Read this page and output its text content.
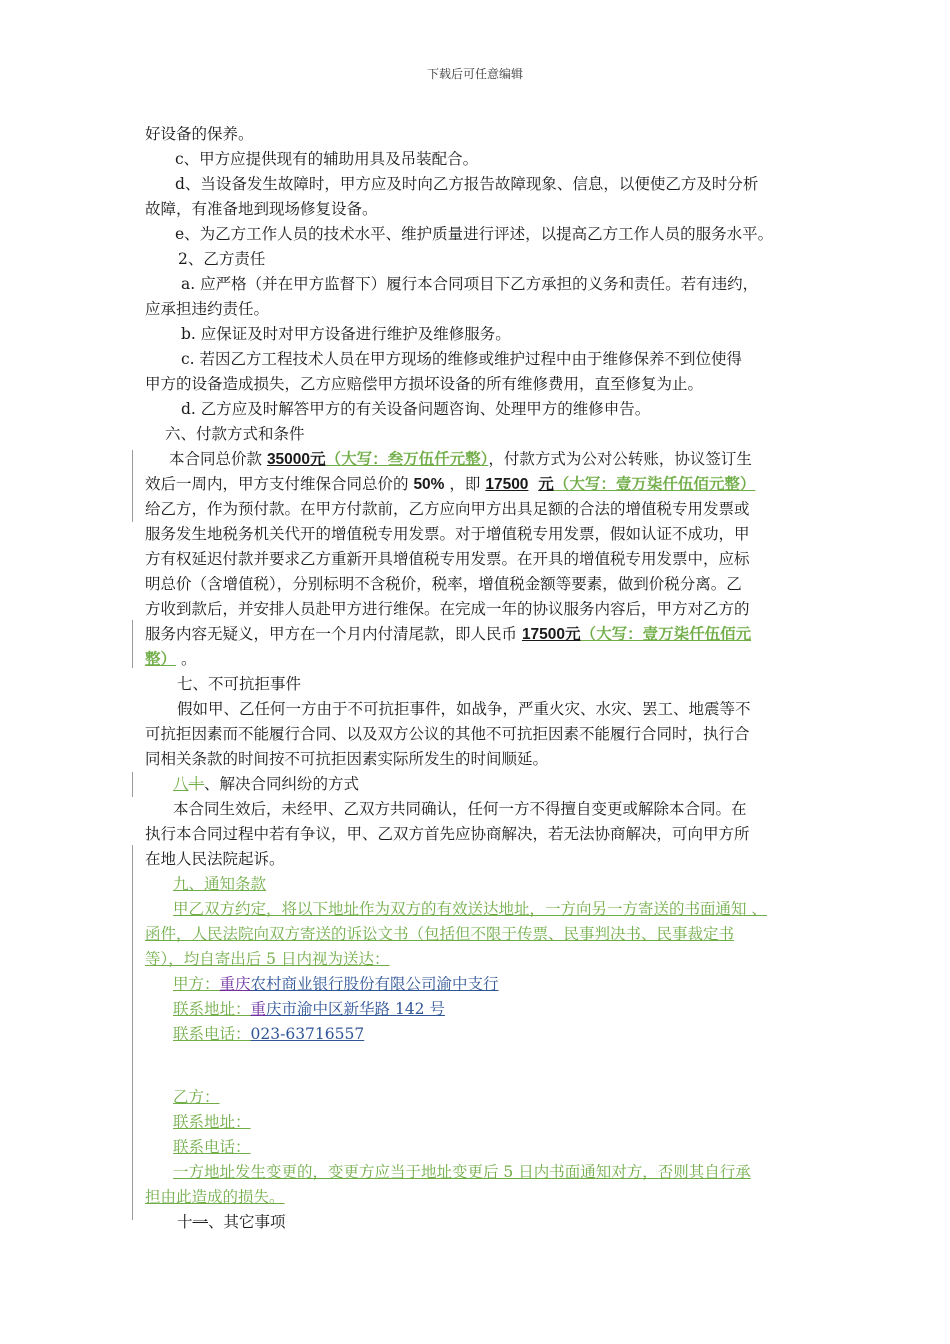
下载后可任意编辑
好设备的保养。
c、甲方应提供现有的辅助用具及吊装配合。
d、当设备发生故障时，甲方应及时向乙方报告故障现象、信息，以便使乙方及时分析
故障，有准备地到现场修复设备。
e、为乙方工作人员的技术水平、维护质量进行评述，以提高乙方工作人员的服务水平。
2、乙方责任
a. 应严格（并在甲方监督下）履行本合同项目下乙方承担的义务和责任。若有违约，
应承担违约责任。
b. 应保证及时对甲方设备进行维护及维修服务。
c. 若因乙方工程技术人员在甲方现场的维修或维护过程中由于维修保养不到位使得
甲方的设备造成损失，乙方应赔偿甲方损坏设备的所有维修费用，直至修复为止。
d. 乙方应及时解答甲方的有关设备问题咨询、处理甲方的维修申告。
六、付款方式和条件
本合同总价款 35000元（大写：叁万伍仟元整），付款方式为公对公转账，协议签订生
效后一周内，甲方支付维保合同总价的 50% ，即 17500 元（大写：壹万柒仟伍佰元整）
给乙方，作为预付款。在甲方付款前，乙方应向甲方出具足额的合法的增值税专用发票或
服务发生地税务机关代开的增值税专用发票。对于增值税专用发票，假如认证不成功，甲
方有权延迟付款并要求乙方重新开具增值税专用发票。在开具的增值税专用发票中，应标
明总价（含增值税），分别标明不含税价，税率，增值税金额等要素，做到价税分离。乙
方收到款后，并安排人员赴甲方进行维保。在完成一年的协议服务内容后，甲方对乙方的
服务内容无疑义，甲方在一个月内付清尾款，即人民币 17500元（大写：壹万柒仟伍佰元
整） 。
七、不可抗拒事件
假如甲、乙任何一方由于不可抗拒事件，如战争，严重火灾、水灾、罢工、地震等不
可抗拒因素而不能履行合同、以及双方公议的其他不可抗拒因素不能履行合同时，执行合
同相关条款的时间按不可抗拒因素实际所发生的时间顺延。
八十、解决合同纠纷的方式
本合同生效后，未经甲、乙双方共同确认，任何一方不得擅自变更或解除本合同。在
执行本合同过程中若有争议，甲、乙双方首先应协商解决，若无法协商解决，可向甲方所
在地人民法院起诉。
九、通知条款
甲乙双方约定，将以下地址作为双方的有效送达地址，一方向另一方寄送的书面通知 、
函件，人民法院向双方寄送的诉讼文书（包括但不限于传票、民事判决书、民事裁定书
等），均自寄出后 5 日内视为送达：
甲方：重庆农村商业银行股份有限公司渝中支行
联系地址：重庆市渝中区新华路 142 号
联系电话：023-63716557
乙方：
联系地址：
联系电话：
一方地址发生变更的，变更方应当于地址变更后 5 日内书面通知对方，否则其自行承
担由此造成的损失。
十一、其它事项
